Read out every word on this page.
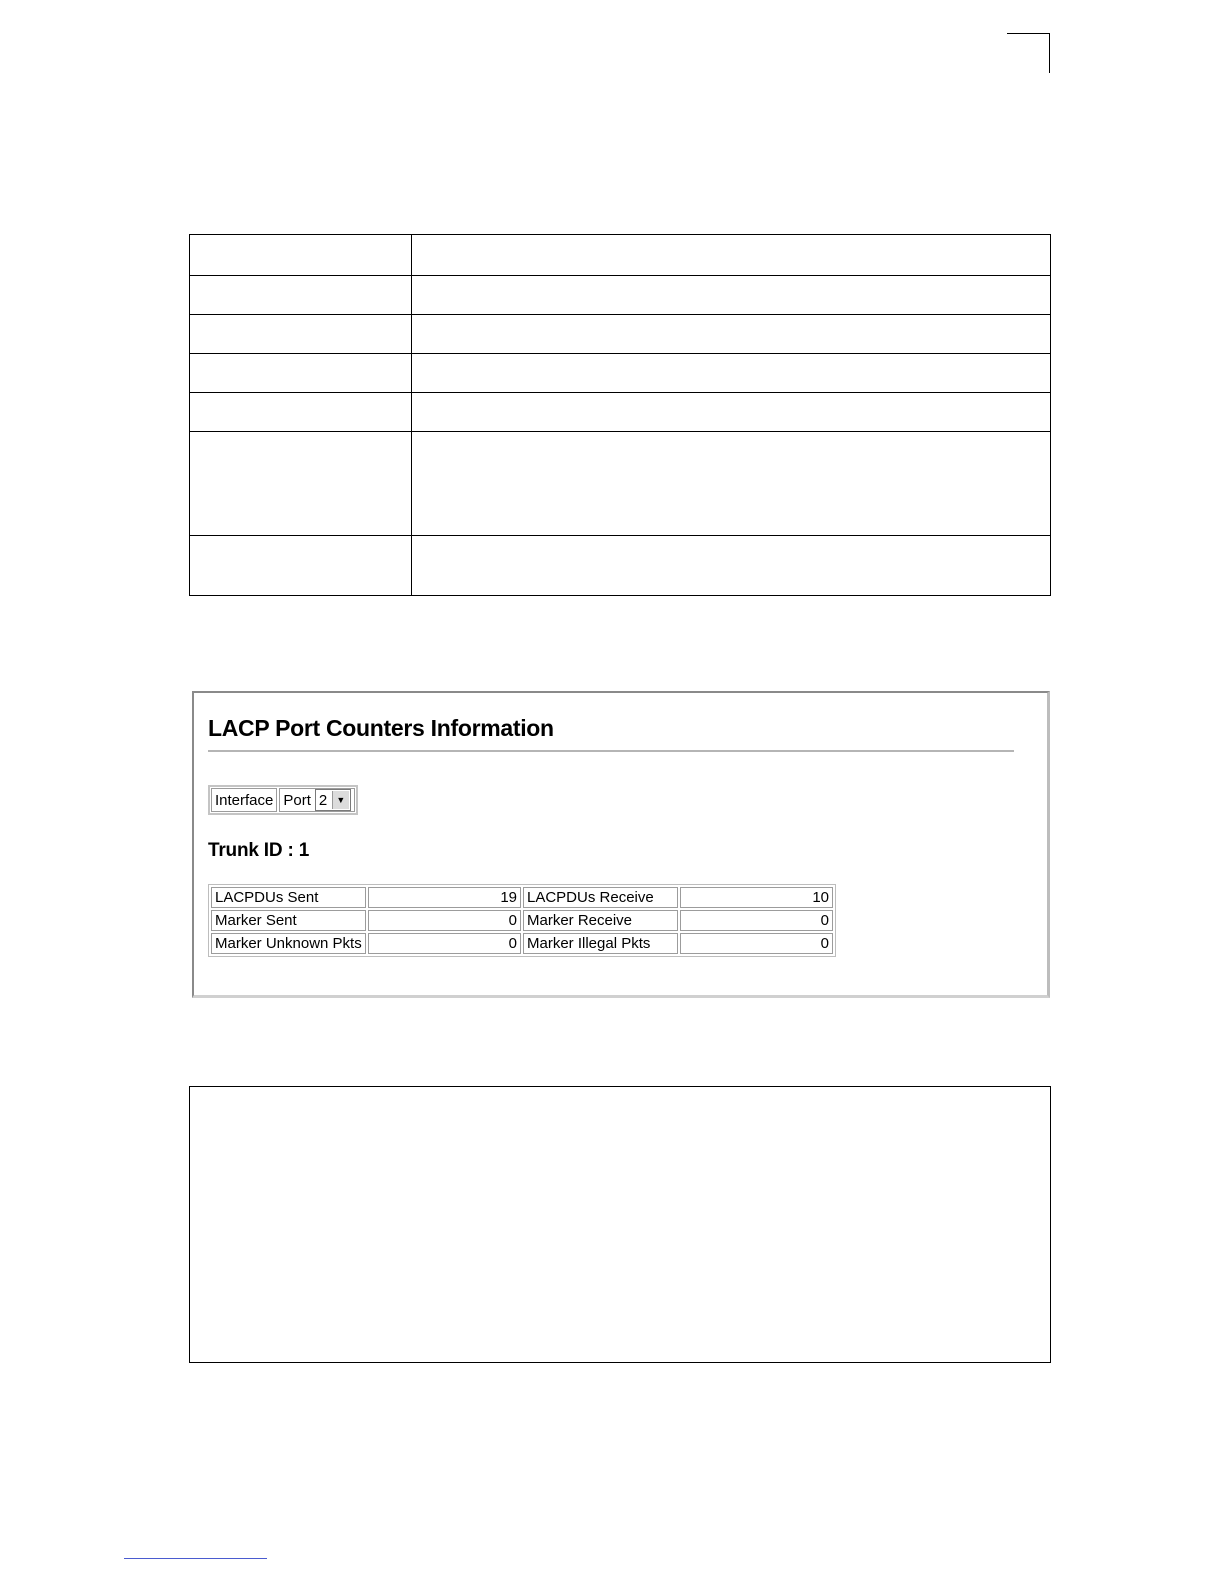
LACP Port Counters Information
Interface Port 2	▼
Trunk ID : 1
LACPDUs Sent	19	LACPDUs Receive	10
Marker Sent	0	Marker Receive	0
Marker Unknown Pkts	0	Marker Illegal Pkts	0
